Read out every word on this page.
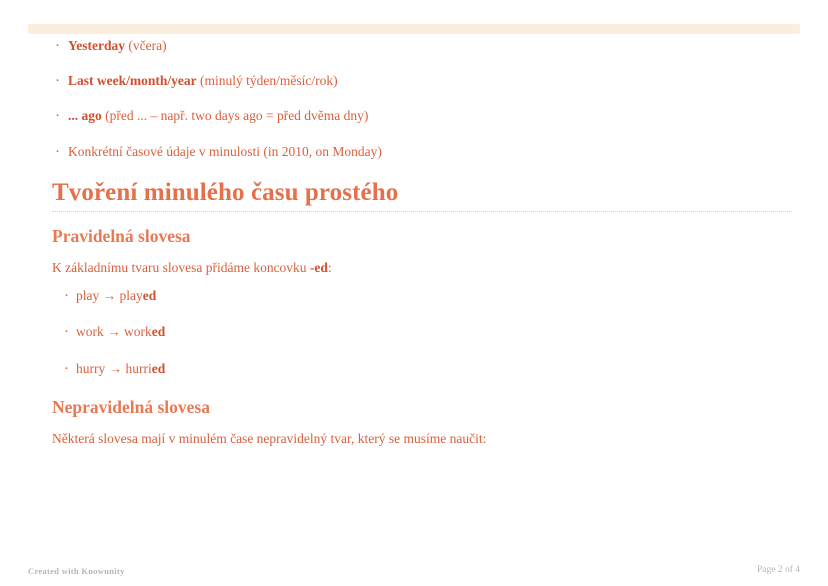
· Yesterday (včera)
· Last week/month/year (minulý týden/měsíc/rok)
· ... ago (před ... – např. two days ago = před dvěma dny)
· Konkrétní časové údaje v minulosti (in 2010, on Monday)
Tvoření minulého času prostého
Pravidelná slovesa

K základnímu tvaru slovesa přidáme koncovku -ed:

· play → played
· work → worked
· hurry → hurried
Nepravidelná slovesa

Některá slovesa mají v minulém čase nepravidelný tvar, který se musíme naučit:

Created with Knowunity	Page 2 of 4
